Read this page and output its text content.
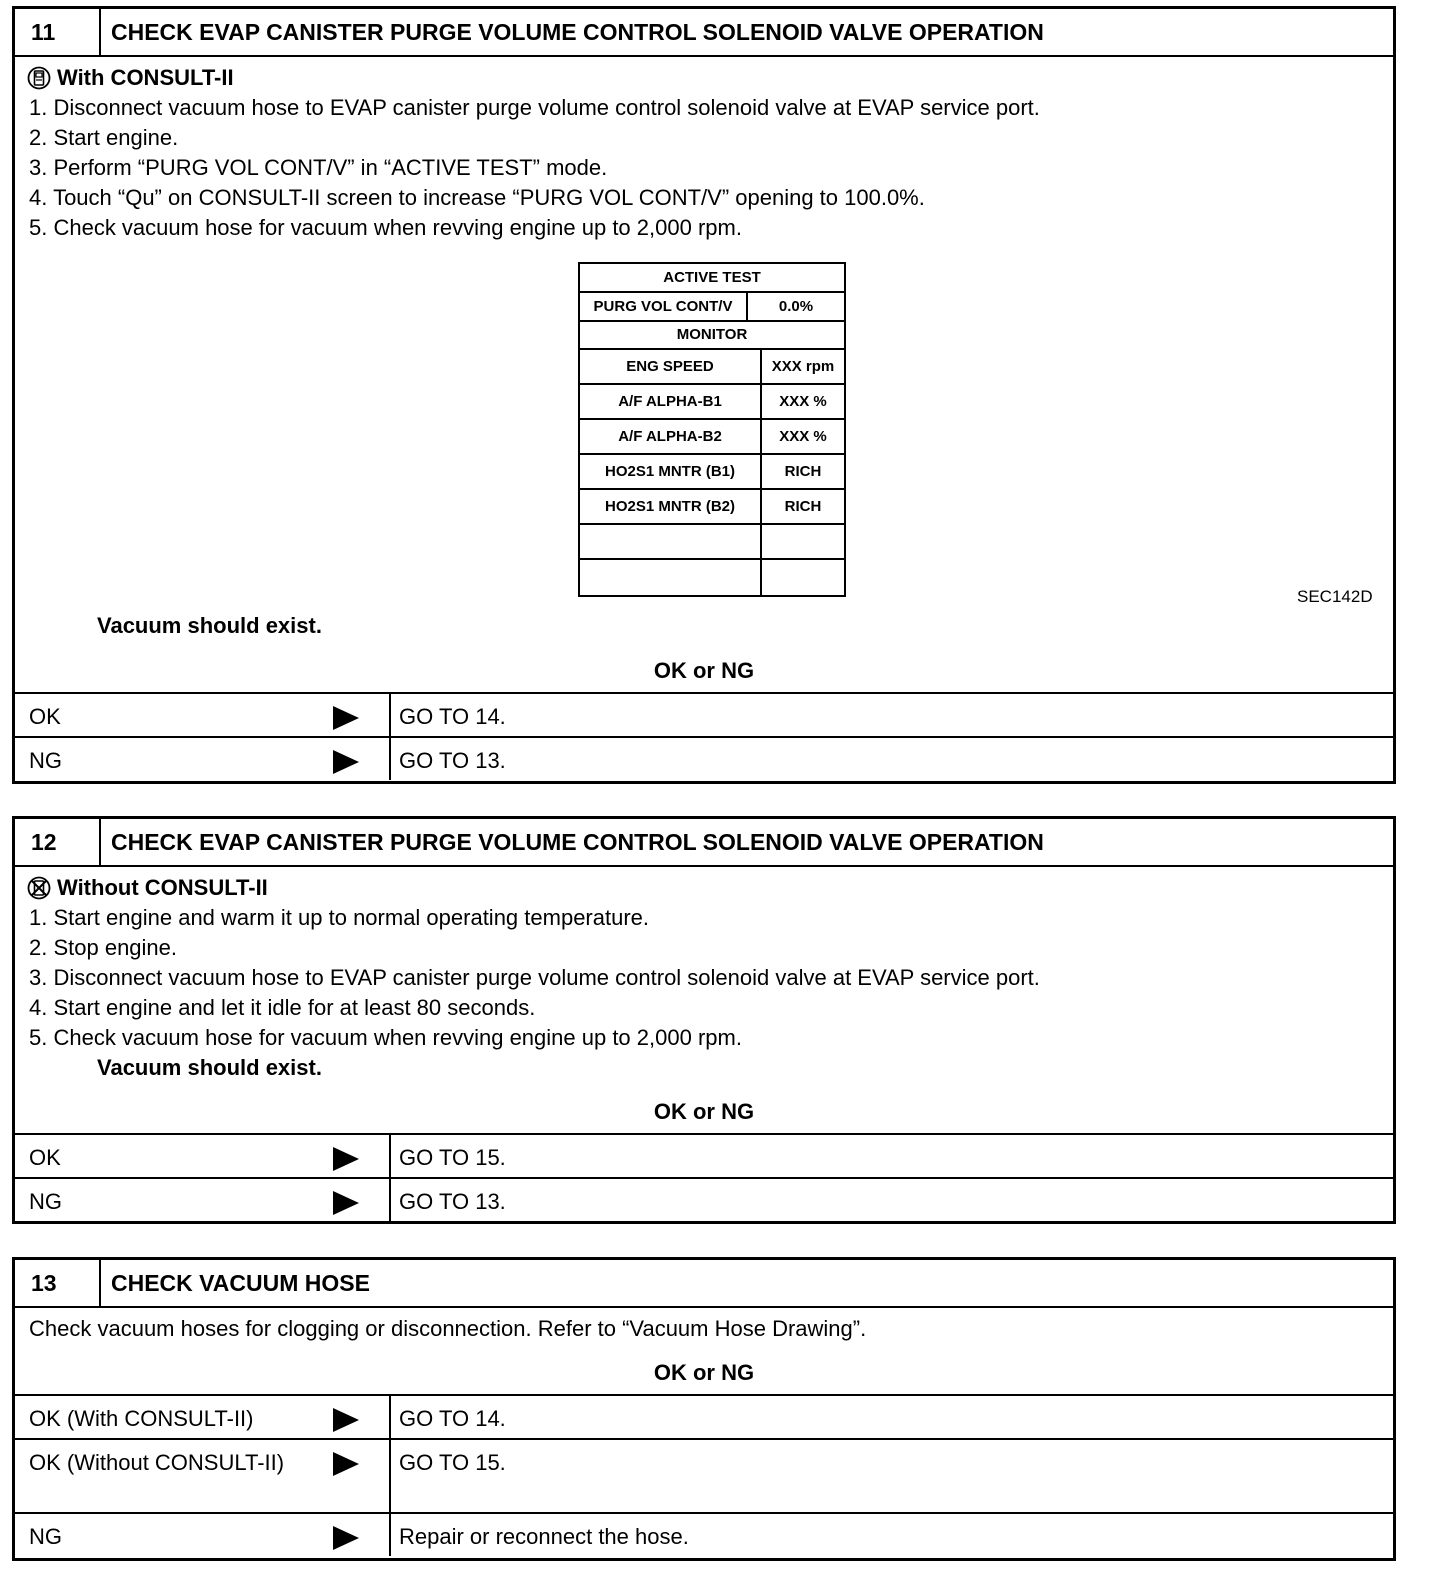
11	CHECK EVAP CANISTER PURGE VOLUME CONTROL SOLENOID VALVE OPERATION
With CONSULT-II
1. Disconnect vacuum hose to EVAP canister purge volume control solenoid valve at EVAP service port.
2. Start engine.
3. Perform “PURG VOL CONT/V” in “ACTIVE TEST” mode.
4. Touch “Qu” on CONSULT-II screen to increase “PURG VOL CONT/V” opening to 100.0%.
5. Check vacuum hose for vacuum when revving engine up to 2,000 rpm.
ACTIVE TEST
PURG VOL CONT/V	0.0%
MONITOR
ENG SPEED	XXX rpm
A/F ALPHA-B1	XXX %
A/F ALPHA-B2	XXX %
HO2S1 MNTR (B1)	RICH
HO2S1 MNTR (B2)	RICH
SEC142D
Vacuum should exist.
OK or NG
OK	GO TO 14.
NG	GO TO 13.
12	CHECK EVAP CANISTER PURGE VOLUME CONTROL SOLENOID VALVE OPERATION
Without CONSULT-II
1. Start engine and warm it up to normal operating temperature.
2. Stop engine.
3. Disconnect vacuum hose to EVAP canister purge volume control solenoid valve at EVAP service port.
4. Start engine and let it idle for at least 80 seconds.
5. Check vacuum hose for vacuum when revving engine up to 2,000 rpm.
Vacuum should exist.
OK or NG
OK	GO TO 15.
NG	GO TO 13.
13	CHECK VACUUM HOSE
Check vacuum hoses for clogging or disconnection. Refer to “Vacuum Hose Drawing”.
OK or NG
OK (With CONSULT-II)	GO TO 14.
OK (Without CONSULT-II)	GO TO 15.
NG	Repair or reconnect the hose.
